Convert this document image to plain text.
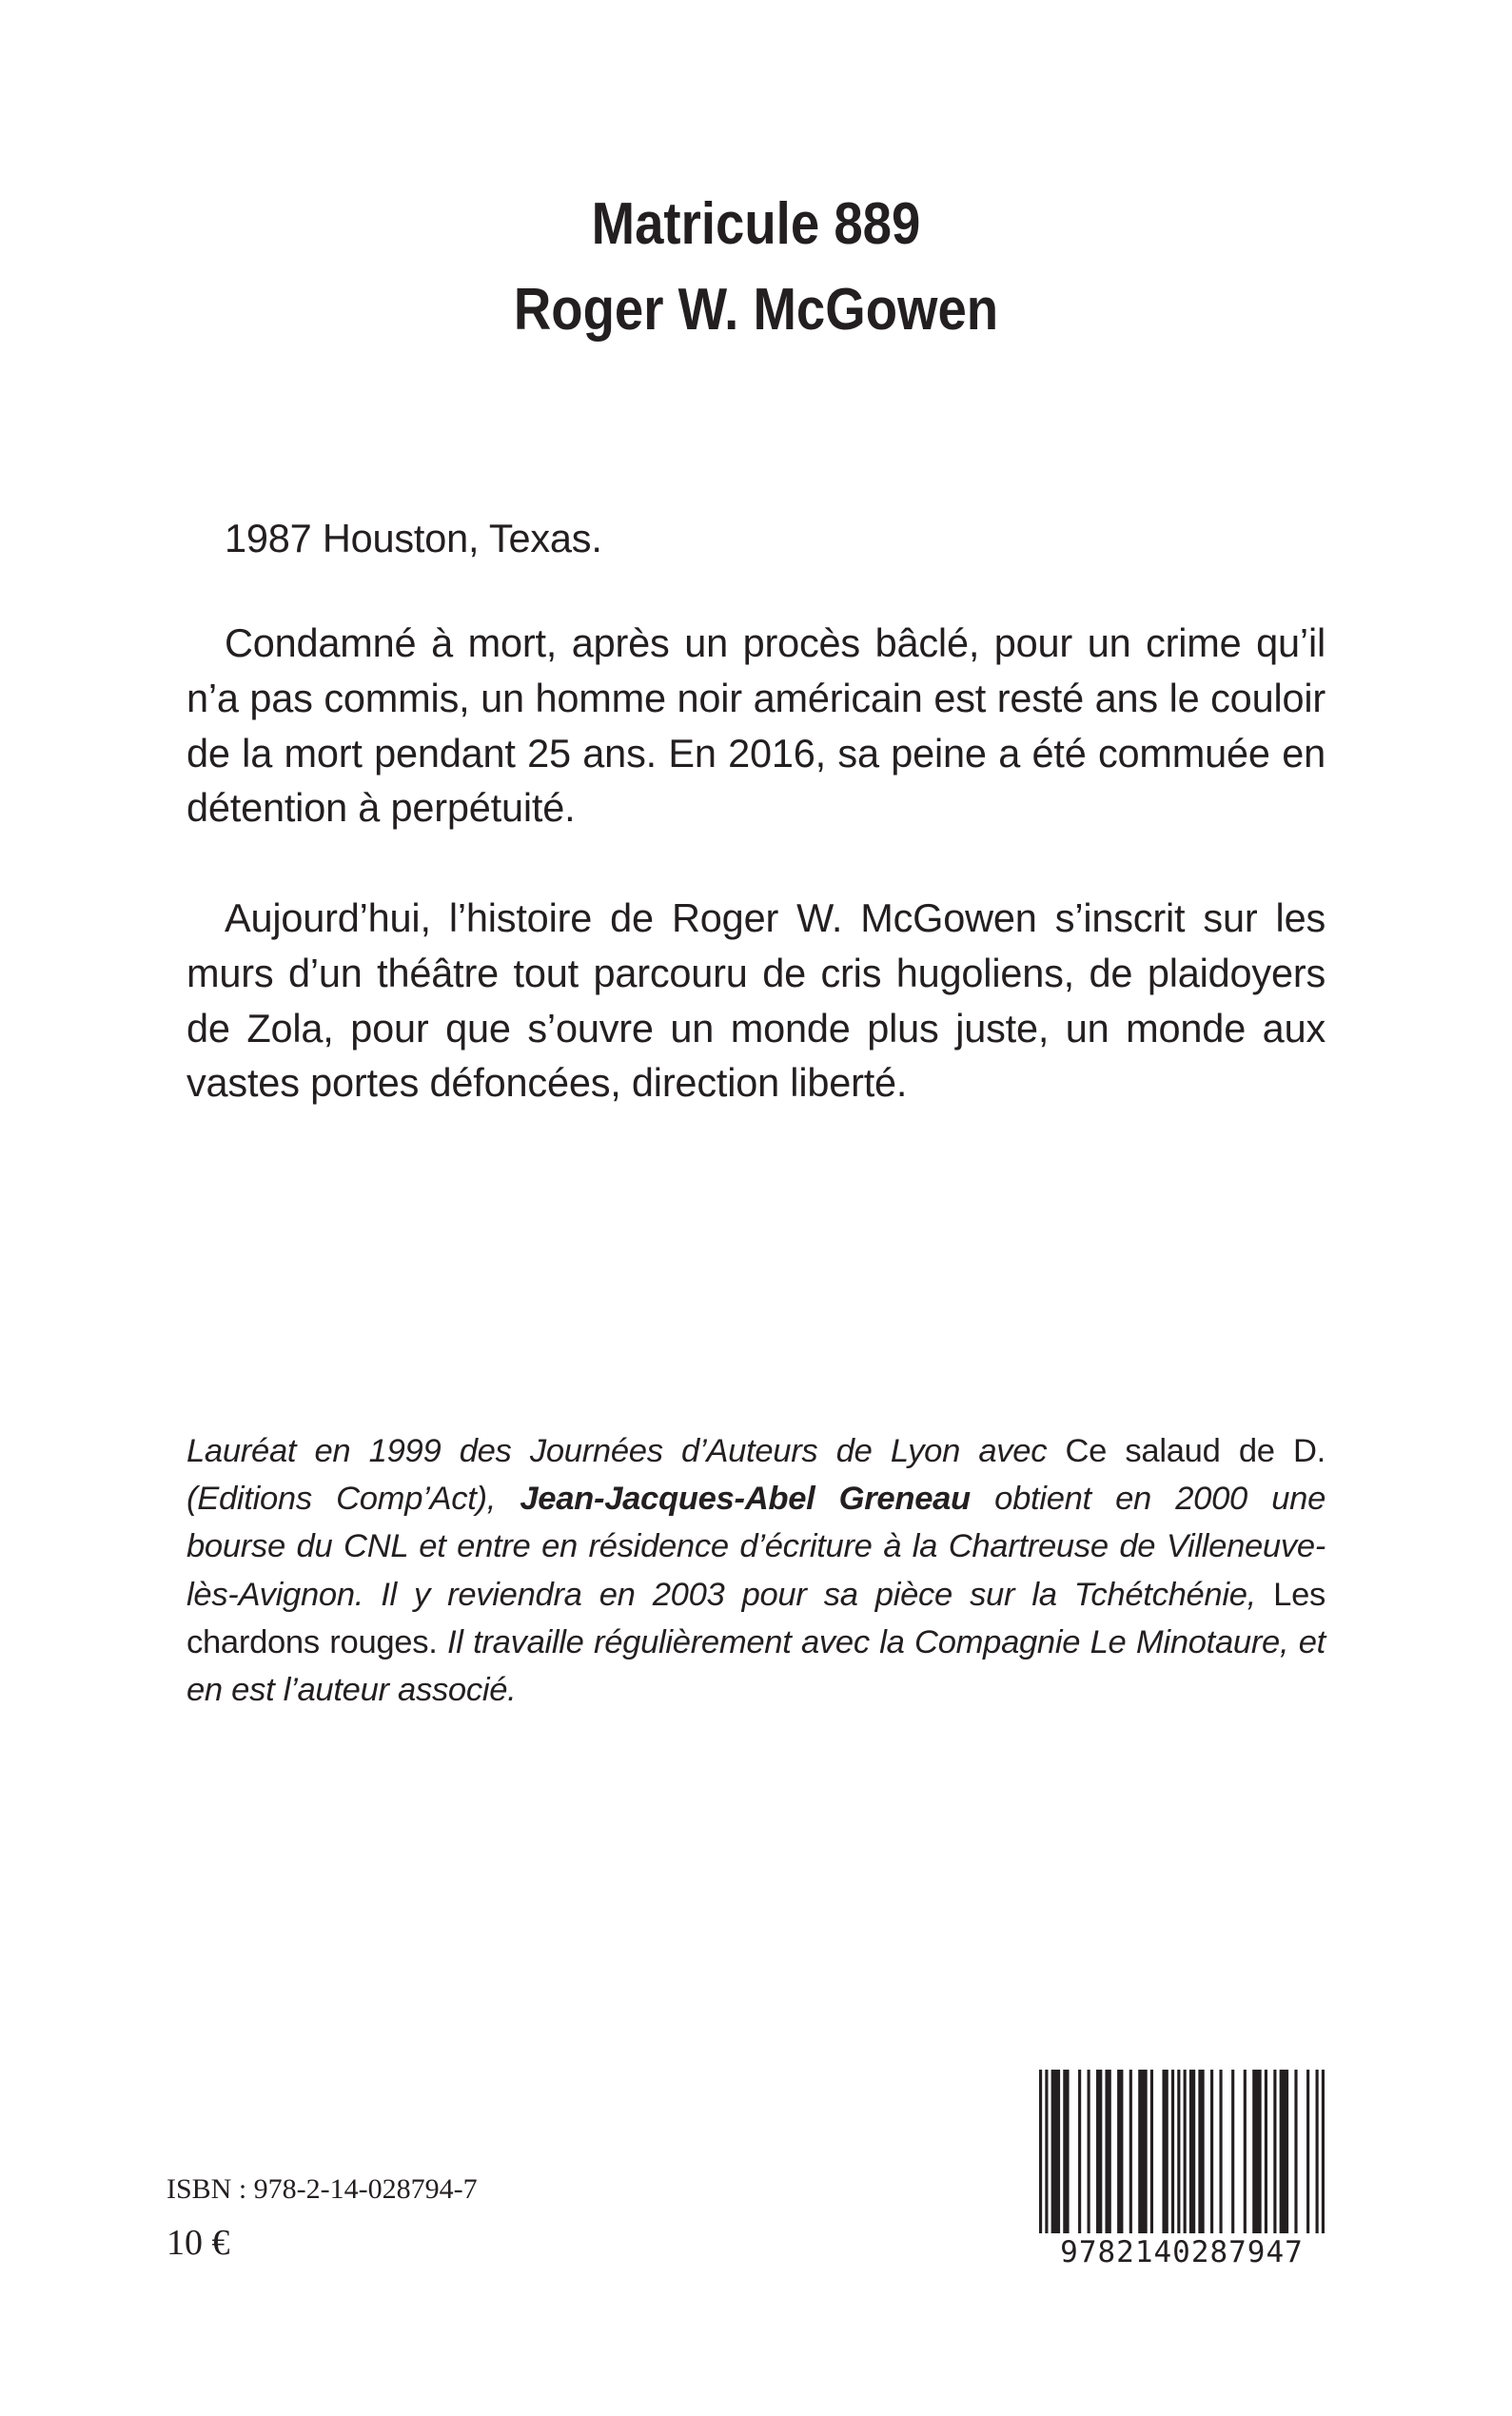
Matricule 889
Roger W. McGowen

1987 Houston, Texas.

Condamné à mort, après un procès bâclé, pour un crime qu’il n’a pas commis, un homme noir américain est resté ans le couloir de la mort pendant 25 ans. En 2016, sa peine a été commuée en détention à perpétuité.

Aujourd’hui, l’histoire de Roger W. McGowen s’inscrit sur les murs d’un théâtre tout parcouru de cris hugoliens, de plaidoyers de Zola, pour que s’ouvre un monde plus juste, un monde aux vastes portes défoncées, direction liberté.

Lauréat en 1999 des Journées d’Auteurs de Lyon avec Ce salaud de D. (Editions Comp’Act), Jean-Jacques-Abel Greneau obtient en 2000 une bourse du CNL et entre en résidence d’écriture à la Chartreuse de Villeneuve-lès-Avignon. Il y reviendra en 2003 pour sa pièce sur la Tchétchénie, Les chardons rouges. Il travaille régulièrement avec la Compagnie Le Minotaure, et en est l’auteur associé.
ISBN : 978-2-14-028794-7
10 €	9782140287947
